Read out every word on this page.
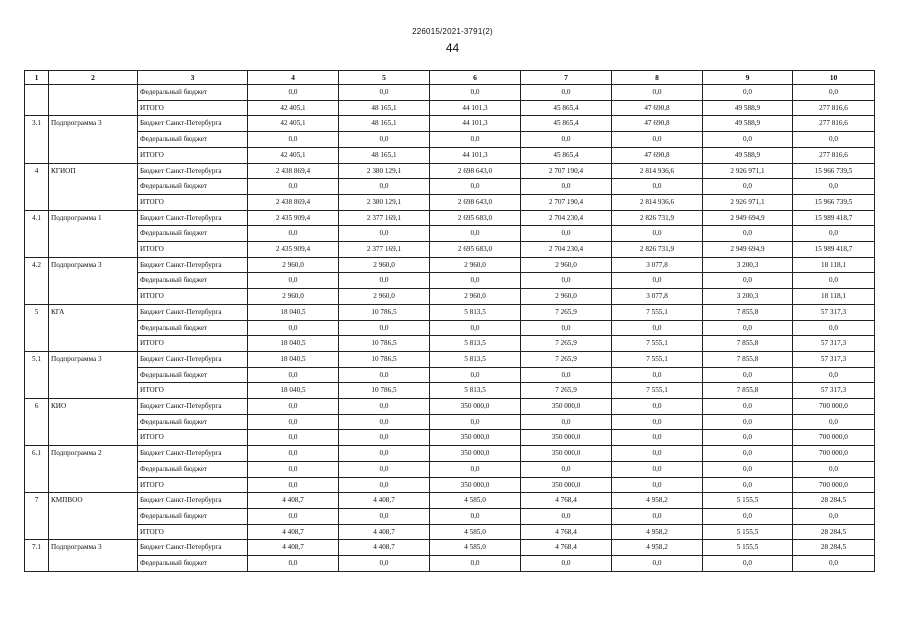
226015/2021-3791(2)
44
1	2	3	4	5	6	7	8	9	10
		Федеральный бюджет	0,0	0,0	0,0	0,0	0,0	0,0	0,0
		ИТОГО	42 405,1	48 165,1	44 101,3	45 865,4	47 690,8	49 588,9	277 816,6
3.1	Подпрограмма 3	Бюджет Санкт-Петербурга	42 405,1	48 165,1	44 101,3	45 865,4	47 690,8	49 588,9	277 816,6
		Федеральный бюджет	0,0	0,0	0,0	0,0	0,0	0,0	0,0
		ИТОГО	42 405,1	48 165,1	44 101,3	45 865,4	47 690,8	49 588,9	277 816,6
4	КГИОП	Бюджет Санкт-Петербурга	2 438 869,4	2 380 129,1	2 698 643,0	2 707 190,4	2 814 936,6	2 926 971,1	15 966 739,5
		Федеральный бюджет	0,0	0,0	0,0	0,0	0,0	0,0	0,0
		ИТОГО	2 438 869,4	2 380 129,1	2 698 643,0	2 707 190,4	2 814 936,6	2 926 971,1	15 966 739,5
4.1	Подпрограмма 1	Бюджет Санкт-Петербурга	2 435 909,4	2 377 169,1	2 695 683,0	2 704 230,4	2 826 731,9	2 949 694,9	15 989 418,7
		Федеральный бюджет	0,0	0,0	0,0	0,0	0,0	0,0	0,0
		ИТОГО	2 435 909,4	2 377 169,1	2 695 683,0	2 704 230,4	2 826 731,9	2 949 694,9	15 989 418,7
4.2	Подпрограмма 3	Бюджет Санкт-Петербурга	2 960,0	2 960,0	2 960,0	2 960,0	3 077,8	3 200,3	18 118,1
		Федеральный бюджет	0,0	0,0	0,0	0,0	0,0	0,0	0,0
		ИТОГО	2 960,0	2 960,0	2 960,0	2 960,0	3 077,8	3 200,3	18 118,1
5	КГА	Бюджет Санкт-Петербурга	18 040,5	10 786,5	5 813,5	7 265,9	7 555,1	7 855,8	57 317,3
		Федеральный бюджет	0,0	0,0	0,0	0,0	0,0	0,0	0,0
		ИТОГО	18 040,5	10 786,5	5 813,5	7 265,9	7 555,1	7 855,8	57 317,3
5.1	Подпрограмма 3	Бюджет Санкт-Петербурга	18 040,5	10 786,5	5 813,5	7 265,9	7 555,1	7 855,8	57 317,3
		Федеральный бюджет	0,0	0,0	0,0	0,0	0,0	0,0	0,0
		ИТОГО	18 040,5	10 786,5	5 813,5	7 265,9	7 555,1	7 855,8	57 317,3
6	КИО	Бюджет Санкт-Петербурга	0,0	0,0	350 000,0	350 000,0	0,0	0,0	700 000,0
		Федеральный бюджет	0,0	0,0	0,0	0,0	0,0	0,0	0,0
		ИТОГО	0,0	0,0	350 000,0	350 000,0	0,0	0,0	700 000,0
6.1	Подпрограмма 2	Бюджет Санкт-Петербурга	0,0	0,0	350 000,0	350 000,0	0,0	0,0	700 000,0
		Федеральный бюджет	0,0	0,0	0,0	0,0	0,0	0,0	0,0
		ИТОГО	0,0	0,0	350 000,0	350 000,0	0,0	0,0	700 000,0
7	КМПВОО	Бюджет Санкт-Петербурга	4 408,7	4 408,7	4 585,0	4 768,4	4 958,2	5 155,5	28 284,5
		Федеральный бюджет	0,0	0,0	0,0	0,0	0,0	0,0	0,0
		ИТОГО	4 408,7	4 408,7	4 585,0	4 768,4	4 958,2	5 155,5	28 284,5
7.1	Подпрограмма 3	Бюджет Санкт-Петербурга	4 408,7	4 408,7	4 585,0	4 768,4	4 958,2	5 155,5	28 284,5
		Федеральный бюджет	0,0	0,0	0,0	0,0	0,0	0,0	0,0
